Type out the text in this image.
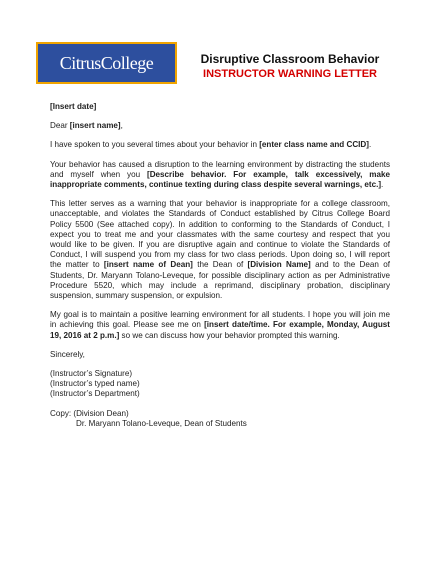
Citrus College	Disruptive Classroom Behavior
INSTRUCTOR WARNING LETTER

[Insert date]

Dear [insert name],

I have spoken to you several times about your behavior in [enter class name and CCID].

Your behavior has caused a disruption to the learning environment by distracting the students and myself when you [Describe behavior. For example, talk excessively, make inappropriate comments, continue texting during class despite several warnings, etc.].

This letter serves as a warning that your behavior is inappropriate for a college classroom, unacceptable, and violates the Standards of Conduct established by Citrus College Board Policy 5500 (See attached copy). In addition to conforming to the Standards of Conduct, I expect you to treat me and your classmates with the same courtesy and respect that you would like to be given. If you are disruptive again and continue to violate the Standards of Conduct, I will suspend you from my class for two class periods. Upon doing so, I will report the matter to [insert name of Dean] the Dean of [Division Name] and to the Dean of Students, Dr. Maryann Tolano-Leveque, for possible disciplinary action as per Administrative Procedure 5520, which may include a reprimand, disciplinary probation, disciplinary suspension, summary suspension, or expulsion.

My goal is to maintain a positive learning environment for all students. I hope you will join me in achieving this goal. Please see me on [insert date/time. For example, Monday, August 19, 2016 at 2 p.m.] so we can discuss how your behavior prompted this warning.

Sincerely,

(Instructor’s Signature)
(Instructor’s typed name)
(Instructor’s Department)

Copy: (Division Dean)
Dr. Maryann Tolano-Leveque, Dean of Students
